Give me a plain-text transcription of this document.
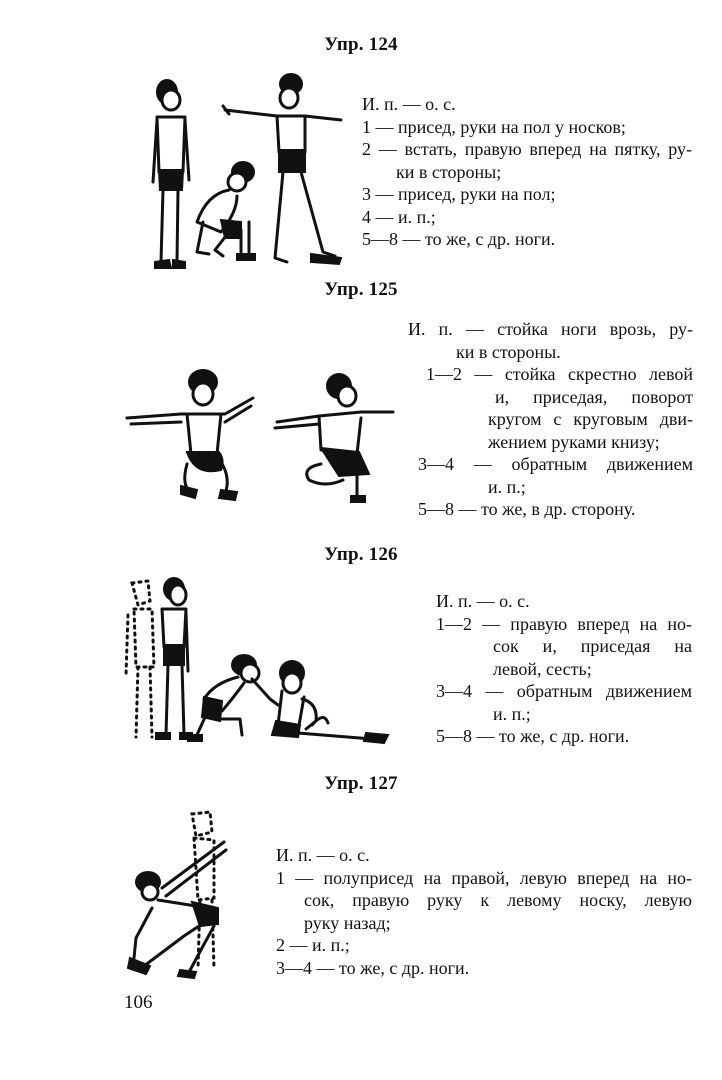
Упр. 124
И. п. — о. с.
1 — присед, руки на пол у носков;
2 — встать, правую вперед на пятку, ру-
ки в стороны;
3 — присед, руки на пол;
4 — и. п.;
5—8 — то же, с др. ноги.
Упр. 125
И. п. — стойка ноги врозь, ру-
ки в стороны.
1—2 — стойка скрестно левой
и, приседая, поворот
кругом с круговым дви-
жением руками книзу;
3—4 — обратным движением
и. п.;
5—8 — то же, в др. сторону.
Упр. 126
И. п. — о. с.
1—2 — правую вперед на но-
сок и, приседая на
левой, сесть;
3—4 — обратным движением
и. п.;
5—8 — то же, с др. ноги.
Упр. 127
И. п. — о. с.
1 — полуприсед на правой, левую вперед на но-
сок, правую руку к левому носку, левую
руку назад;
2 — и. п.;
3—4 — то же, с др. ноги.
106
